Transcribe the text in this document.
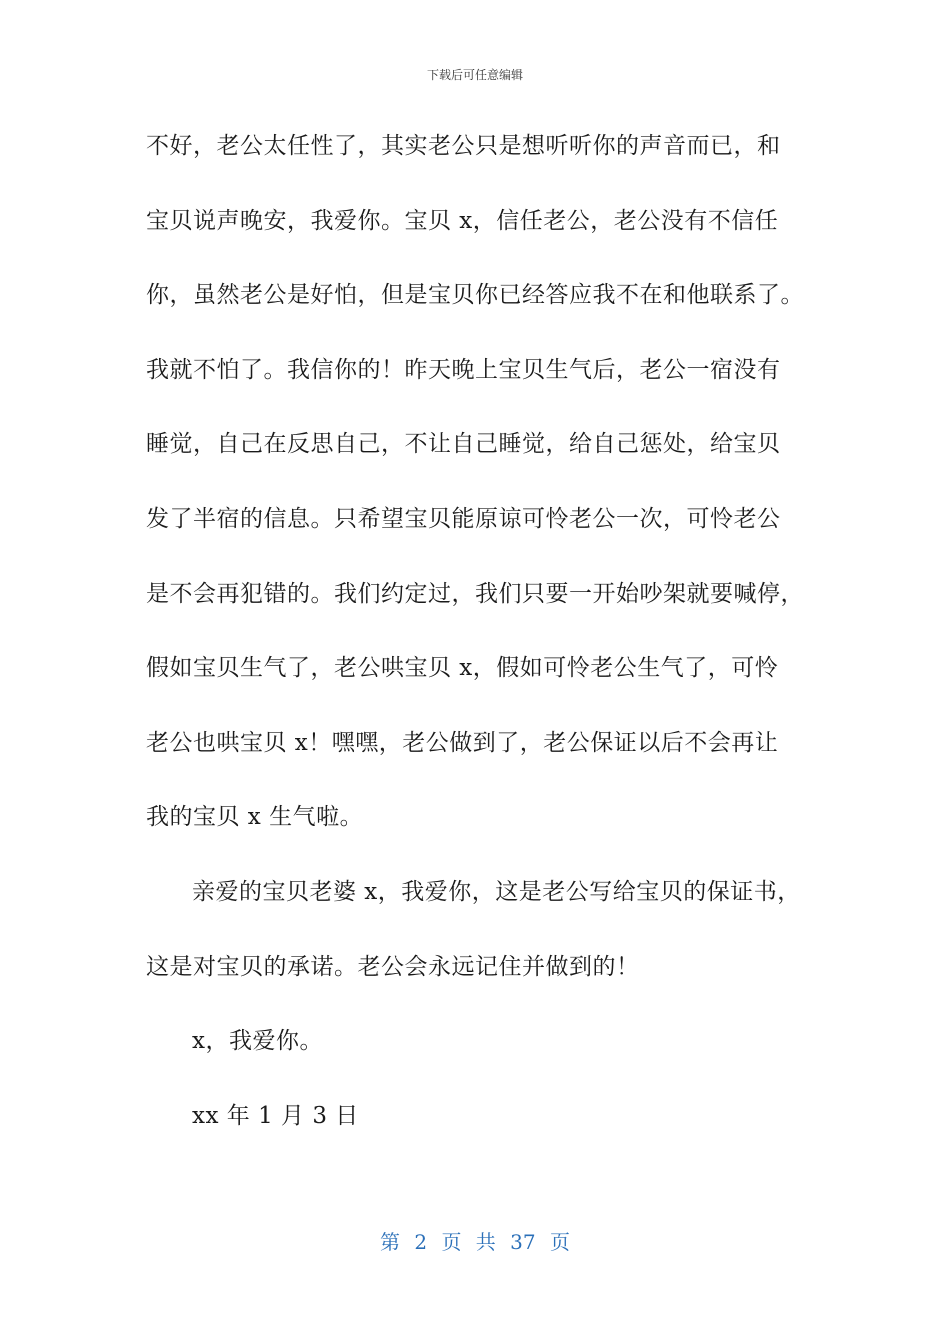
下载后可任意编辑
不好，老公太任性了，其实老公只是想听听你的声音而已，和
宝贝说声晚安，我爱你。宝贝 x，信任老公，老公没有不信任
你，虽然老公是好怕，但是宝贝你已经答应我不在和他联系了。
我就不怕了。我信你的！昨天晚上宝贝生气后，老公一宿没有
睡觉，自己在反思自己，不让自己睡觉，给自己惩处，给宝贝
发了半宿的信息。只希望宝贝能原谅可怜老公一次，可怜老公
是不会再犯错的。我们约定过，我们只要一开始吵架就要喊停，
假如宝贝生气了，老公哄宝贝 x，假如可怜老公生气了，可怜
老公也哄宝贝 x！嘿嘿，老公做到了，老公保证以后不会再让
我的宝贝 x 生气啦。
亲爱的宝贝老婆 x，我爱你，这是老公写给宝贝的保证书，
这是对宝贝的承诺。老公会永远记住并做到的！
x，我爱你。
xx 年 1 月 3 日
第 2 页 共 37 页
